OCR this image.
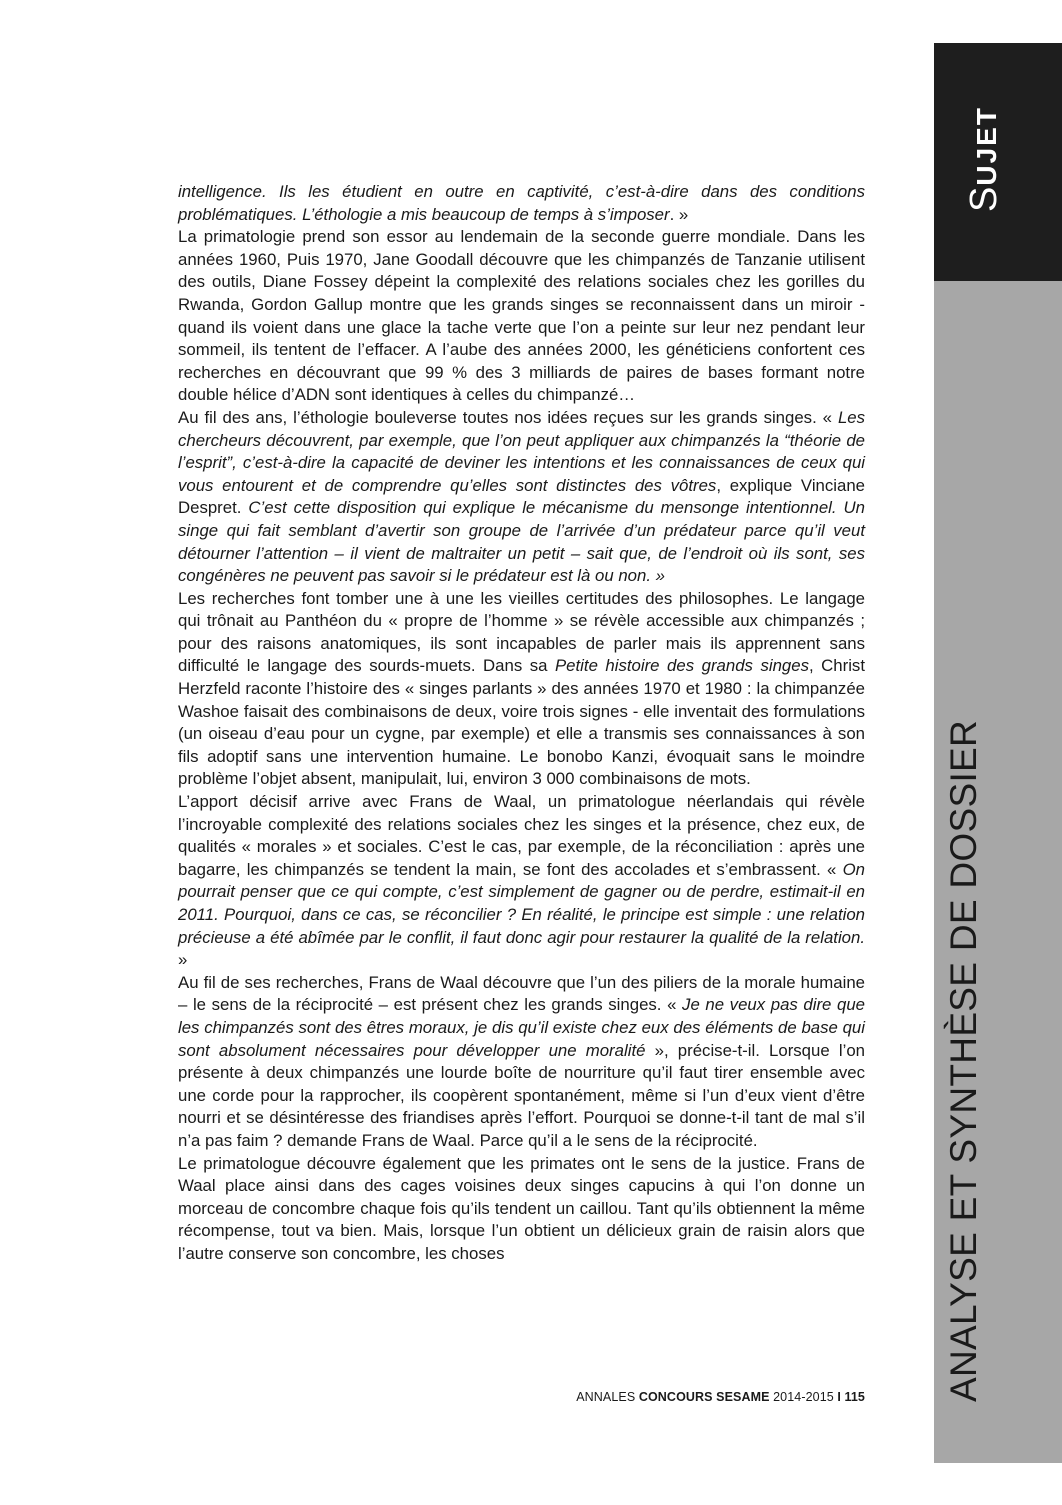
intelligence. Ils les étudient en outre en captivité, c’est-à-dire dans des conditions problématiques. L’éthologie a mis beaucoup de temps à s’imposer. »

La primatologie prend son essor au lendemain de la seconde guerre mondiale. Dans les années 1960, Puis 1970, Jane Goodall découvre que les chimpanzés de Tanzanie utilisent des outils, Diane Fossey dépeint la complexité des relations sociales chez les gorilles du Rwanda, Gordon Gallup montre que les grands singes se reconnaissent dans un miroir - quand ils voient dans une glace la tache verte que l’on a peinte sur leur nez pendant leur sommeil, ils tentent de l’effacer. A l’aube des années 2000, les généticiens confortent ces recherches en découvrant que 99 % des 3 milliards de paires de bases formant notre double hélice d’ADN sont identiques à celles du chimpanzé…

Au fil des ans, l’éthologie bouleverse toutes nos idées reçues sur les grands singes. « Les chercheurs découvrent, par exemple, que l’on peut appliquer aux chimpanzés la “théorie de l’esprit”, c’est-à-dire la capacité de deviner les intentions et les connaissances de ceux qui vous entourent et de comprendre qu’elles sont distinctes des vôtres, explique Vinciane Despret. C’est cette disposition qui explique le mécanisme du mensonge intentionnel. Un singe qui fait semblant d’avertir son groupe de l’arrivée d’un prédateur parce qu’il veut détourner l’attention – il vient de maltraiter un petit – sait que, de l’endroit où ils sont, ses congénères ne peuvent pas savoir si le prédateur est là ou non. »

Les recherches font tomber une à une les vieilles certitudes des philosophes. Le langage qui trônait au Panthéon du « propre de l’homme » se révèle accessible aux chimpanzés ; pour des raisons anatomiques, ils sont incapables de parler mais ils apprennent sans difficulté le langage des sourds-muets. Dans sa Petite histoire des grands singes, Christ Herzfeld raconte l’histoire des « singes parlants » des années 1970 et 1980 : la chimpanzée Washoe faisait des combinaisons de deux, voire trois signes - elle inventait des formulations (un oiseau d’eau pour un cygne, par exemple) et elle a transmis ses connaissances à son fils adoptif sans une intervention humaine. Le bonobo Kanzi, évoquait sans le moindre problème l’objet absent, manipulait, lui, environ 3 000 combinaisons de mots.

L’apport décisif arrive avec Frans de Waal, un primatologue néerlandais qui révèle l’incroyable complexité des relations sociales chez les singes et la présence, chez eux, de qualités « morales » et sociales. C’est le cas, par exemple, de la réconciliation : après une bagarre, les chimpanzés se tendent la main, se font des accolades et s’embrassent. « On pourrait penser que ce qui compte, c’est simplement de gagner ou de perdre, estimait-il en 2011. Pourquoi, dans ce cas, se réconcilier ? En réalité, le principe est simple : une relation précieuse a été abîmée par le conflit, il faut donc agir pour restaurer la qualité de la relation. »

Au fil de ses recherches, Frans de Waal découvre que l’un des piliers de la morale humaine – le sens de la réciprocité – est présent chez les grands singes. « Je ne veux pas dire que les chimpanzés sont des êtres moraux, je dis qu’il existe chez eux des éléments de base qui sont absolument nécessaires pour développer une moralité », précise-t-il. Lorsque l’on présente à deux chimpanzés une lourde boîte de nourriture qu’il faut tirer ensemble avec une corde pour la rapprocher, ils coopèrent spontanément, même si l’un d’eux vient d’être nourri et se désintéresse des friandises après l’effort. Pourquoi se donne-t-il tant de mal s’il n’a pas faim ? demande Frans de Waal. Parce qu’il a le sens de la réciprocité.

Le primatologue découvre également que les primates ont le sens de la justice. Frans de Waal place ainsi dans des cages voisines deux singes capucins à qui l’on donne un morceau de concombre chaque fois qu’ils tendent un caillou. Tant qu’ils obtiennent la même récompense, tout va bien. Mais, lorsque l’un obtient un délicieux grain de raisin alors que l’autre conserve son concombre, les choses

ANNALES CONCOURS SESAME 2014-2015 I 115
SUJET
ANALYSE ET SYNTHÈSE DE DOSSIER
